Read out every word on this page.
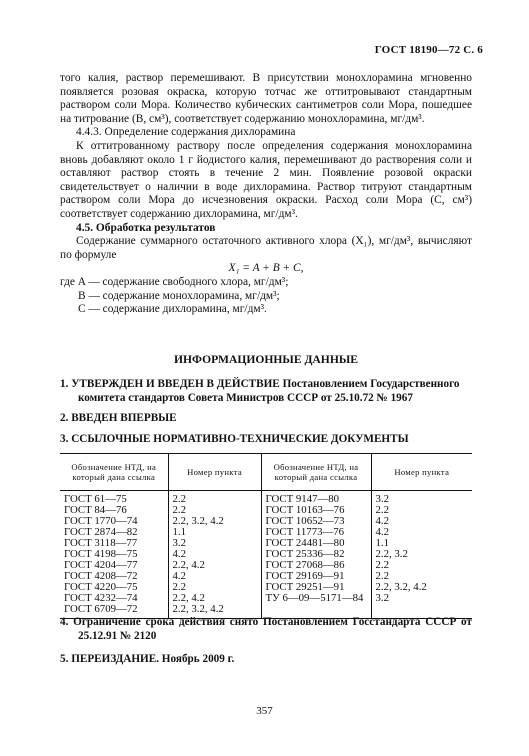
ГОСТ 18190—72 С. 6

того калия, раствор перемешивают. В присутствии монохлорамина мгновенно появляется розовая окраска, которую тотчас же оттитровывают стандартным раствором соли Мора. Количество кубических сантиметров соли Мора, пошедшее на титрование (B, см³), соответствует содержанию монохлорамина, мг/дм³.

4.4.3. Определение содержания дихлорамина

К оттитрованному раствору после определения содержания монохлорамина вновь добавляют около 1 г йодистого калия, перемешивают до растворения соли и оставляют раствор стоять в течение 2 мин. Появление розовой окраски свидетельствует о наличии в воде дихлорамина. Раствор титруют стандартным раствором соли Мора до исчезновения окраски. Расход соли Мора (C, см³) соответствует содержанию дихлорамина, мг/дм³.

4.5. Обработка результатов

Содержание суммарного остаточного активного хлора (X₁), мг/дм³, вычисляют по формуле

X₁ = A + B + C,

где A — содержание свободного хлора, мг/дм³;
B — содержание монохлорамина, мг/дм³;
C — содержание дихлорамина, мг/дм³.
ИНФОРМАЦИОННЫЕ ДАННЫЕ
1. УТВЕРЖДЕН И ВВЕДЕН В ДЕЙСТВИЕ Постановлением Государственного комитета стандартов Совета Министров СССР от 25.10.72 № 1967
2. ВВЕДЕН ВПЕРВЫЕ
3. ССЫЛОЧНЫЕ НОРМАТИВНО-ТЕХНИЧЕСКИЕ ДОКУМЕНТЫ
Обозначение НТД, на который дана ссылка	Номер пункта	Обозначение НТД, на который дана ссылка	Номер пункта
ГОСТ 61—75	2.2	ГОСТ 9147—80	3.2
ГОСТ 84—76	2.2	ГОСТ 10163—76	2.2
ГОСТ 1770—74	2.2, 3.2, 4.2	ГОСТ 10652—73	4.2
ГОСТ 2874—82	1.1	ГОСТ 11773—76	4.2
ГОСТ 3118—77	3.2	ГОСТ 24481—80	1.1
ГОСТ 4198—75	4.2	ГОСТ 25336—82	2.2, 3.2
ГОСТ 4204—77	2.2, 4.2	ГОСТ 27068—86	2.2
ГОСТ 4208—72	4.2	ГОСТ 29169—91	2.2
ГОСТ 4220—75	2.2	ГОСТ 29251—91	2.2, 3.2, 4.2
ГОСТ 4232—74	2.2, 4.2	ТУ 6—09—5171—84	3.2
ГОСТ 6709—72	2.2, 3.2, 4.2		
4. Ограничение срока действия снято Постановлением Госстандарта СССР от 25.12.91 № 2120
5. ПЕРЕИЗДАНИЕ. Ноябрь 2009 г.
357
